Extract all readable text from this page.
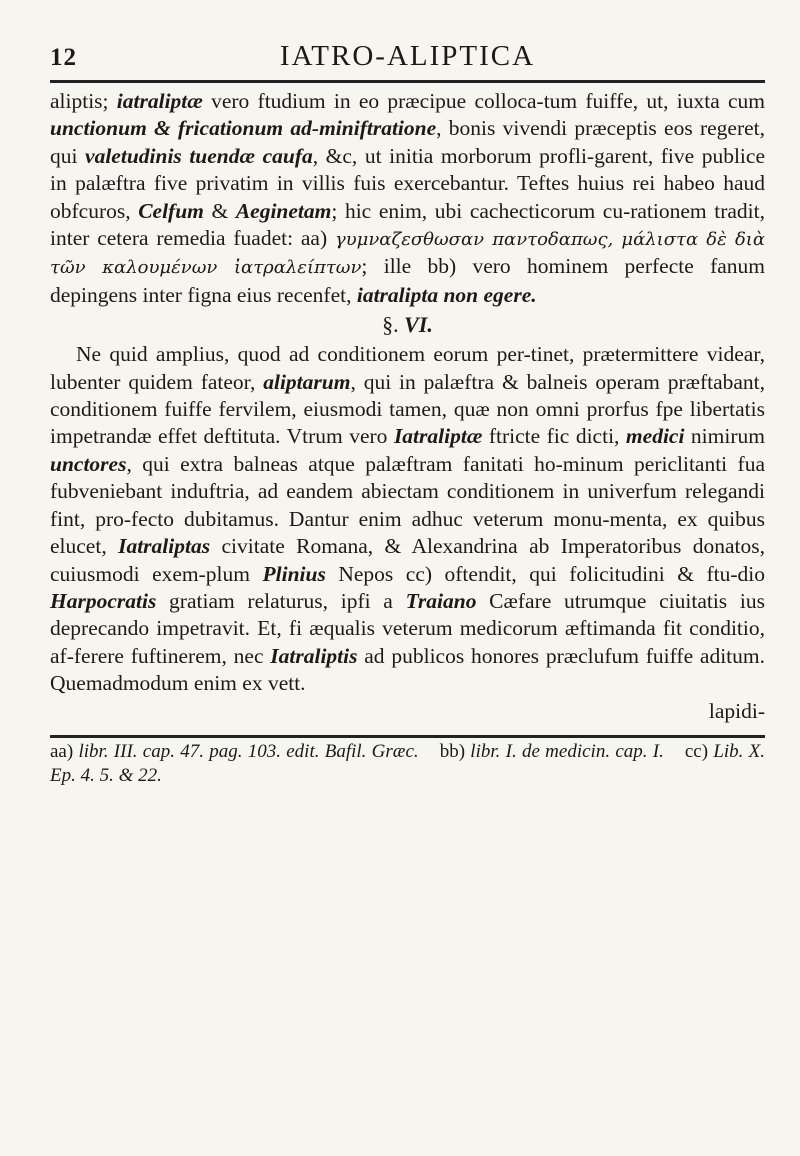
12	IATRO-ALIPTICA

aliptis; iatraliptæ vero ftudium in eo præcipue colloca-tum fuiffe, ut, iuxta cum unctionum & fricationum ad-miniftratione, bonis vivendi præceptis eos regeret, qui valetudinis tuendæ caufa, &c, ut initia morborum profli-garent, five publice in palæftra five privatim in villis fuis exercebantur. Teftes huius rei habeo haud obfcuros, Celfum & Aeginetam; hic enim, ubi cachecticorum cu-rationem tradit, inter cetera remedia fuadet: aa) γυμναζεσθωσαν παντοδαπως, μάλιστα δὲ διὰ τῶν καλουμένων ἰατραλείπτων; ille bb) vero hominem perfecte fanum depingens inter figna eius recenfet, iatralipta non egere.

§. VI.

Ne quid amplius, quod ad conditionem eorum per-tinet, prætermittere videar, lubenter quidem fateor, aliptarum, qui in palæftra & balneis operam præftabant, conditionem fuiffe fervilem, eiusmodi tamen, quæ non omni prorfus fpe libertatis impetrandæ effet deftituta. Vtrum vero Iatraliptæ ftricte fic dicti, medici nimirum unctores, qui extra balneas atque palæftram fanitati ho-minum periclitanti fua fubveniebant induftria, ad eandem abiectam conditionem in univerfum relegandi fint, pro-fecto dubitamus. Dantur enim adhuc veterum monu-menta, ex quibus elucet, Iatraliptas civitate Romana, & Alexandrina ab Imperatoribus donatos, cuiusmodi exem-plum Plinius Nepos cc) oftendit, qui folicitudini & ftu-dio Harpocratis gratiam relaturus, ipfi a Traiano Cæfare utrumque ciuitatis ius deprecando impetravit. Et, fi æqualis veterum medicorum æftimanda fit conditio, af-ferere fuftinerem, nec Iatraliptis ad publicos honores præclufum fuiffe aditum. Quemadmodum enim ex vett.
lapidi-

aa) libr. III. cap. 47. pag. 103. edit. Bafil. Græc. bb) libr. I. de medicin. cap. I. cc) Lib. X. Ep. 4. 5. & 22.
